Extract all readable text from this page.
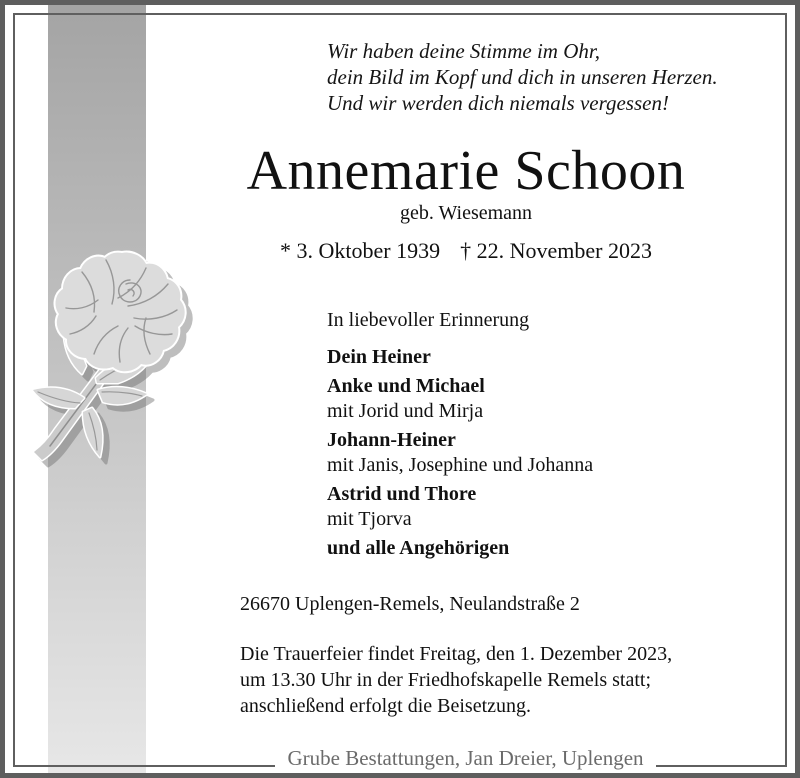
Wir haben deine Stimme im Ohr,
dein Bild im Kopf und dich in unseren Herzen.
Und wir werden dich niemals vergessen!
Annemarie Schoon
geb. Wiesemann
* 3. Oktober 1939 † 22. November 2023
In liebevoller Erinnerung
Dein Heiner
Anke und Michael
mit Jorid und Mirja
Johann-Heiner
mit Janis, Josephine und Johanna
Astrid und Thore
mit Tjorva
und alle Angehörigen
26670 Uplengen-Remels, Neulandstraße 2
Die Trauerfeier findet Freitag, den 1. Dezember 2023,
um 13.30 Uhr in der Friedhofskapelle Remels statt;
anschließend erfolgt die Beisetzung.
Grube Bestattungen, Jan Dreier, Uplengen
